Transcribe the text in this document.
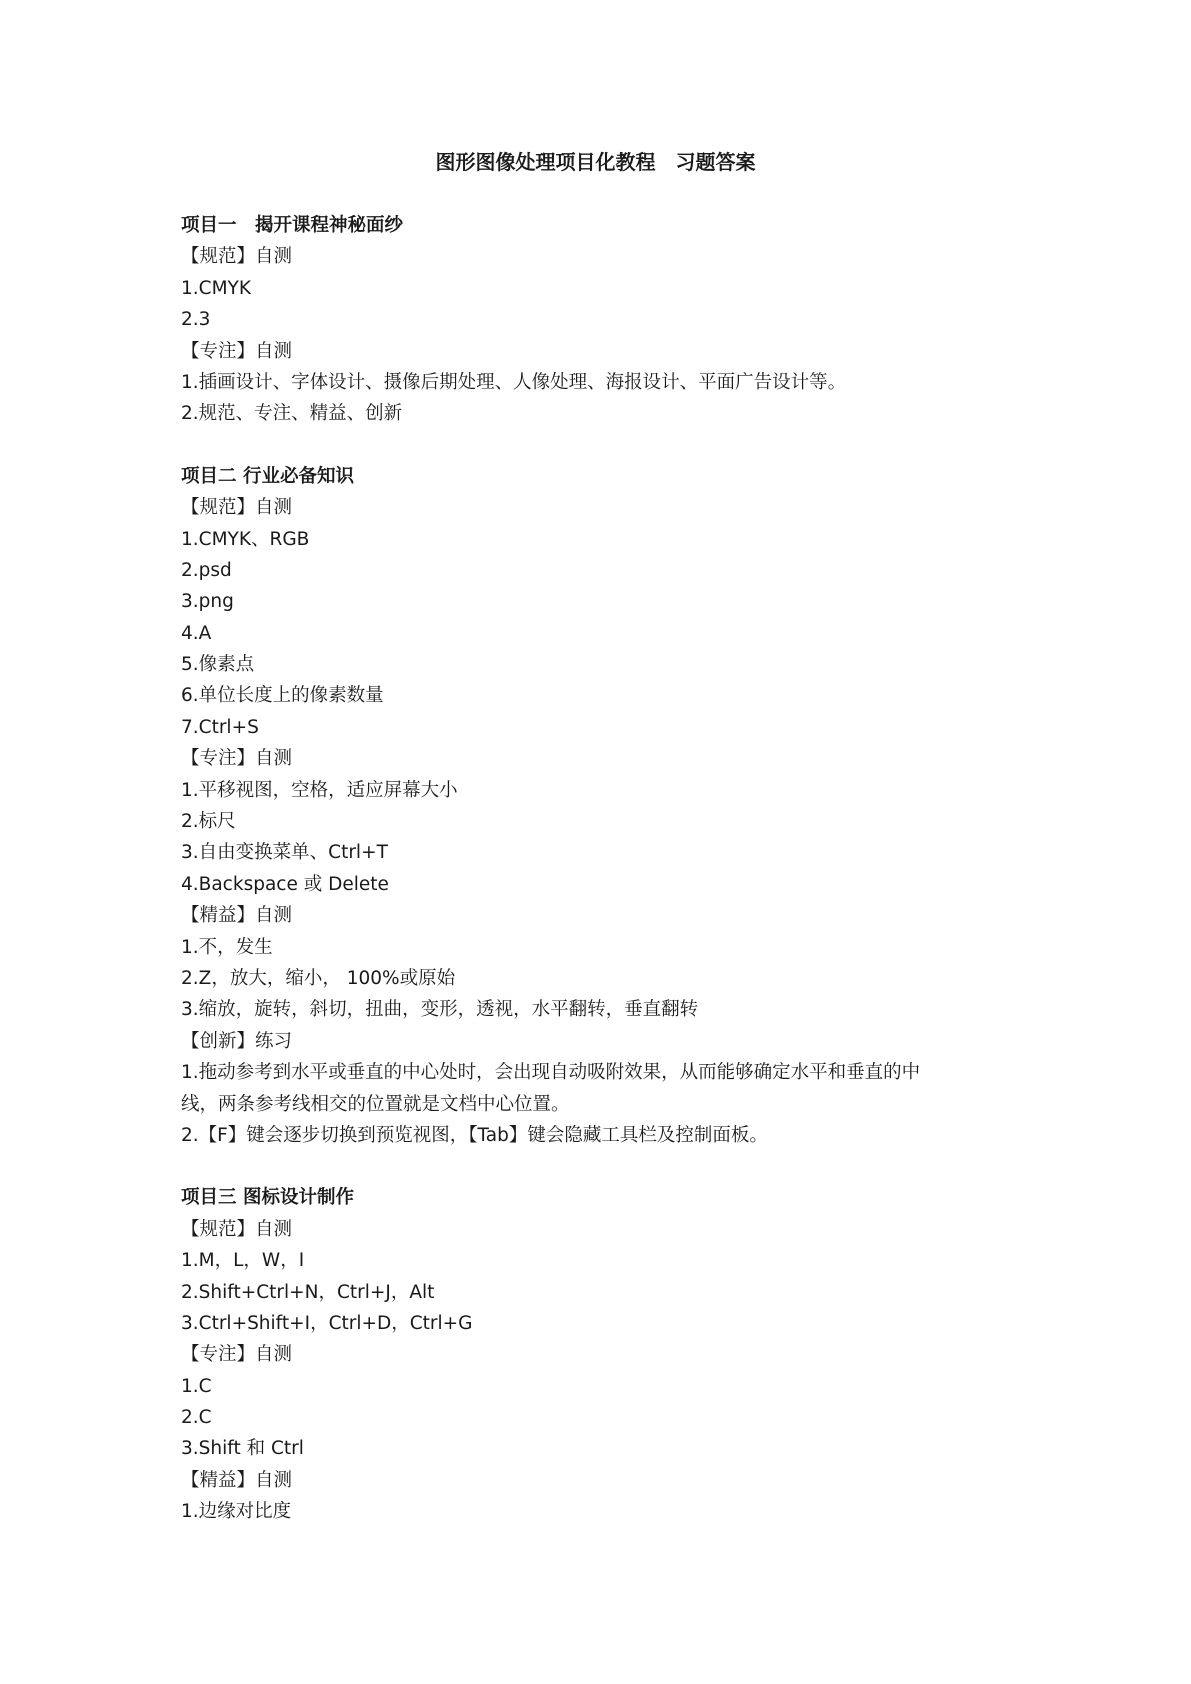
图形图像处理项目化教程　习题答案
项目一　揭开课程神秘面纱
【规范】自测
1.CMYK
2.3
【专注】自测
1.插画设计、字体设计、摄像后期处理、人像处理、海报设计、平面广告设计等。
2.规范、专注、精益、创新
项目二 行业必备知识
【规范】自测
1.CMYK、RGB
2.psd
3.png
4.A
5.像素点
6.单位长度上的像素数量
7.Ctrl+S
【专注】自测
1.平移视图，空格，适应屏幕大小
2.标尺
3.自由变换菜单、Ctrl+T
4.Backspace 或 Delete
【精益】自测
1.不，发生
2.Z，放大，缩小， 100%或原始
3.缩放，旋转，斜切，扭曲，变形，透视，水平翻转，垂直翻转
【创新】练习
1.拖动参考到水平或垂直的中心处时，会出现自动吸附效果，从而能够确定水平和垂直的中
线，两条参考线相交的位置就是文档中心位置。
2.【F】键会逐步切换到预览视图，【Tab】键会隐藏工具栏及控制面板。
项目三 图标设计制作
【规范】自测
1.M，L，W，I
2.Shift+Ctrl+N，Ctrl+J，Alt
3.Ctrl+Shift+I，Ctrl+D，Ctrl+G
【专注】自测
1.C
2.C
3.Shift 和 Ctrl
【精益】自测
1.边缘对比度
